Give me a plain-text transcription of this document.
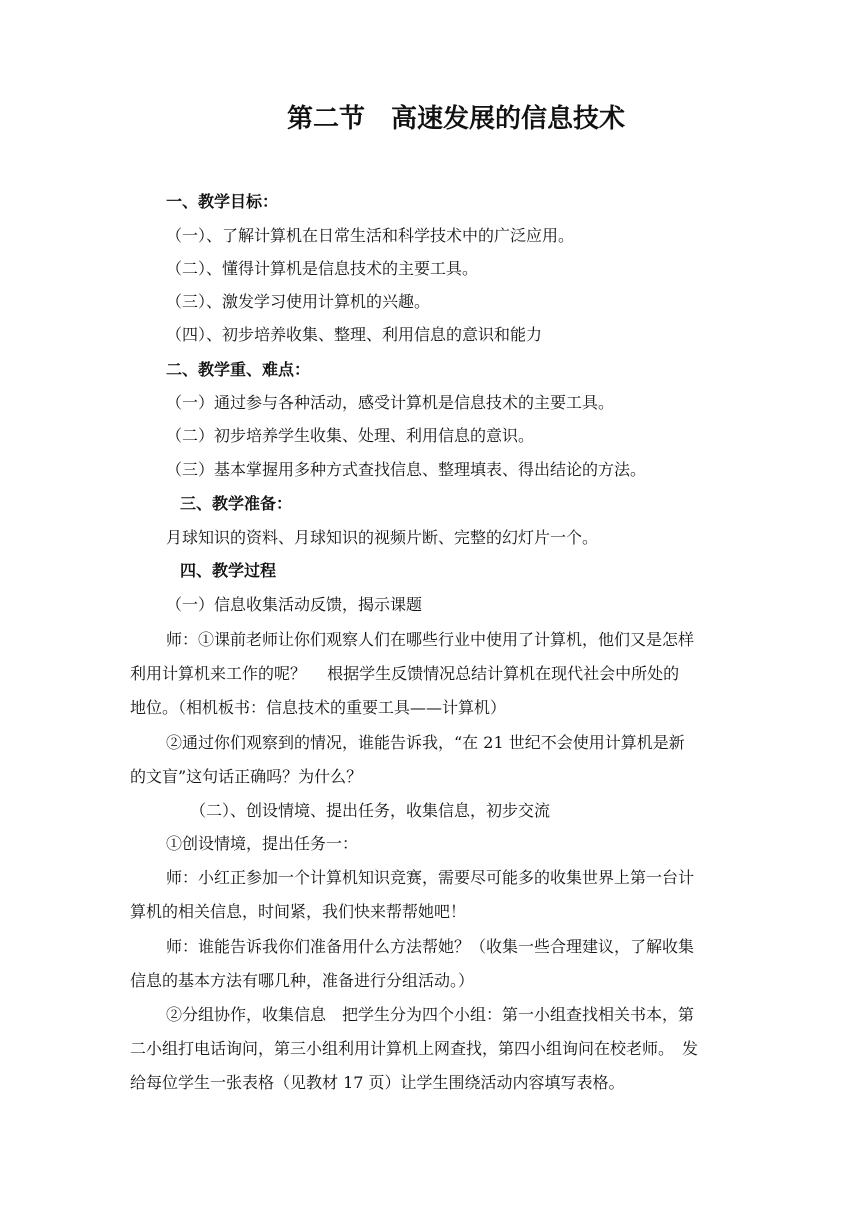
第二节　高速发展的信息技术
一、教学目标：
（一）、了解计算机在日常生活和科学技术中的广泛应用。
（二）、懂得计算机是信息技术的主要工具。
（三）、激发学习使用计算机的兴趣。
（四）、初步培养收集、整理、利用信息的意识和能力
二、教学重、难点：
（一）通过参与各种活动，感受计算机是信息技术的主要工具。
（二）初步培养学生收集、处理、利用信息的意识。
（三）基本掌握用多种方式查找信息、整理填表、得出结论的方法。
三、教学准备：
月球知识的资料、月球知识的视频片断、完整的幻灯片一个。
四、教学过程
（一）信息收集活动反馈，揭示课题
师：①课前老师让你们观察人们在哪些行业中使用了计算机，他们又是怎样
利用计算机来工作的呢？　 根据学生反馈情况总结计算机在现代社会中所处的
地位。（相机板书：信息技术的重要工具——计算机）
②通过你们观察到的情况，谁能告诉我，“在 21 世纪不会使用计算机是新
的文盲”这句话正确吗？为什么？
（二）、创设情境、提出任务，收集信息，初步交流
①创设情境，提出任务一：
师：小红正参加一个计算机知识竞赛，需要尽可能多的收集世界上第一台计
算机的相关信息，时间紧，我们快来帮帮她吧！
师：谁能告诉我你们准备用什么方法帮她？（收集一些合理建议，了解收集
信息的基本方法有哪几种，准备进行分组活动。）
②分组协作，收集信息　把学生分为四个小组：第一小组查找相关书本，第
二小组打电话询问，第三小组利用计算机上网查找，第四小组询问在校老师。　发
给每位学生一张表格（见教材 17 页）让学生围绕活动内容填写表格。
